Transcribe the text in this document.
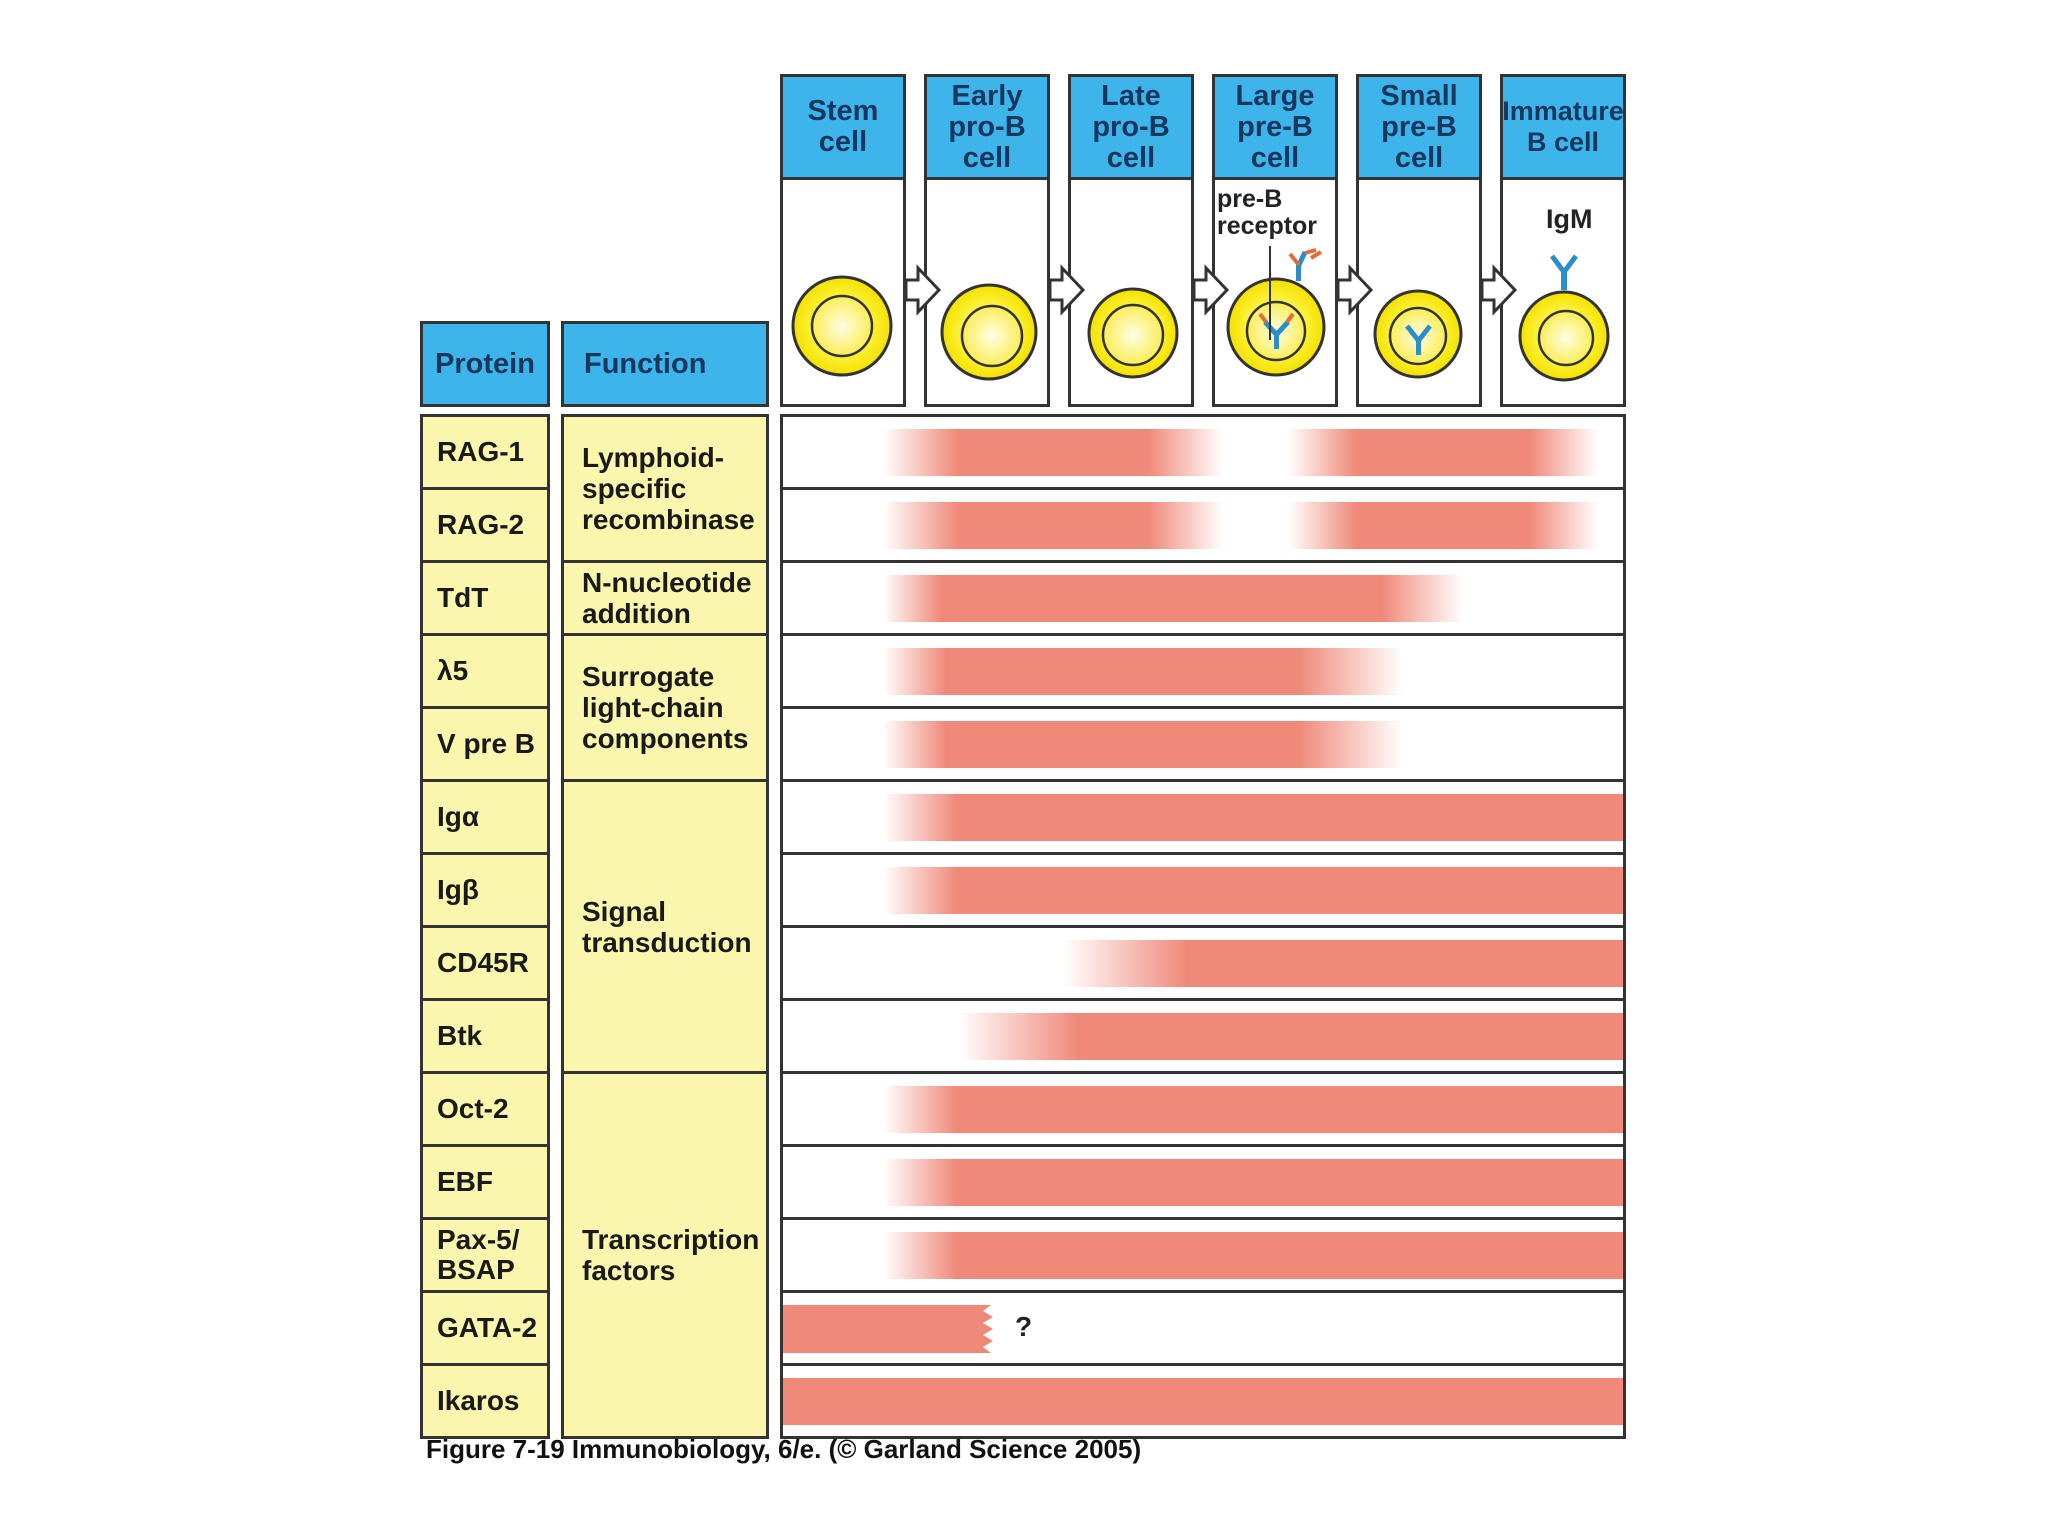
Protein	Function
Stem
cell
Early
pro-B
cell
Late
pro-B
cell
Large
pre-B
cell
Small
pre-B
cell
Immature
B cell
pre-B
receptor	IgM
RAG-1
RAG-2
TdT
λ5
V pre B
Igα
Igβ
CD45R
Btk
Oct-2
EBF
Pax-5/
BSAP
GATA-2
Ikaros
Lymphoid-
specific
recombinase
N-nucleotide
addition
Surrogate
light-chain
components
Signal
transduction
Transcription
factors
?
Figure 7-19 Immunobiology, 6/e. (© Garland Science 2005)
